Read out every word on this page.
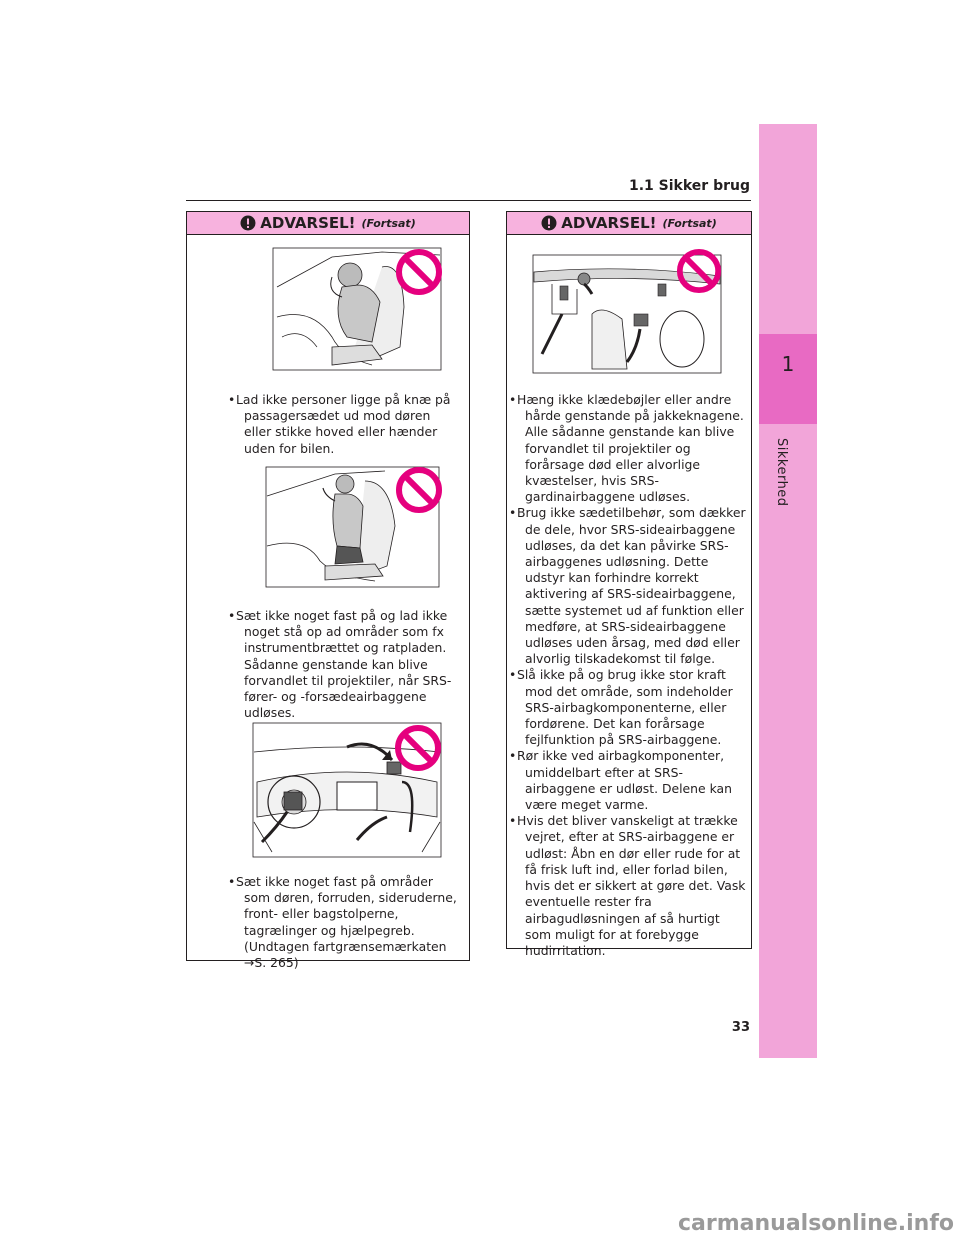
1
Sikkerhed
1.1 Sikker brug
ADVARSEL! (Fortsat)
• Lad ikke personer ligge på knæ på passagersædet ud mod døren eller stikke hoved eller hænder uden for bilen.
• Sæt ikke noget fast på og lad ikke noget stå op ad områder som fx instrumentbrættet og ratpladen. Sådanne genstande kan blive forvandlet til projektiler, når SRS-fører- og -forsædeairbaggene udløses.
• Sæt ikke noget fast på områder som døren, forruden, sideruderne, front- eller bagstolperne, tagrælinger og hjælpegreb. (Undtagen fartgrænsemærkaten →S. 265)
ADVARSEL! (Fortsat)
• Hæng ikke klædebøjler eller andre hårde genstande på jakkeknagene. Alle sådanne genstande kan blive forvandlet til projektiler og forårsage død eller alvorlige kvæstelser, hvis SRS-gardinairbaggene udløses.
• Brug ikke sædetilbehør, som dækker de dele, hvor SRS-sideairbaggene udløses, da det kan påvirke SRS-airbaggenes udløsning. Dette udstyr kan forhindre korrekt aktivering af SRS-sideairbaggene, sætte systemet ud af funktion eller medføre, at SRS-sideairbaggene udløses uden årsag, med død eller alvorlig tilskadekomst til følge.
• Slå ikke på og brug ikke stor kraft mod det område, som indeholder SRS-airbagkomponenterne, eller fordørene. Det kan forårsage fejlfunktion på SRS-airbaggene.
• Rør ikke ved airbagkomponenter, umiddelbart efter at SRS-airbaggene er udløst. Delene kan være meget varme.
• Hvis det bliver vanskeligt at trække vejret, efter at SRS-airbaggene er udløst: Åbn en dør eller rude for at få frisk luft ind, eller forlad bilen, hvis det er sikkert at gøre det. Vask eventuelle rester fra airbagudløsningen af så hurtigt som muligt for at forebygge hudirritation.
33
carmanualsonline.info
